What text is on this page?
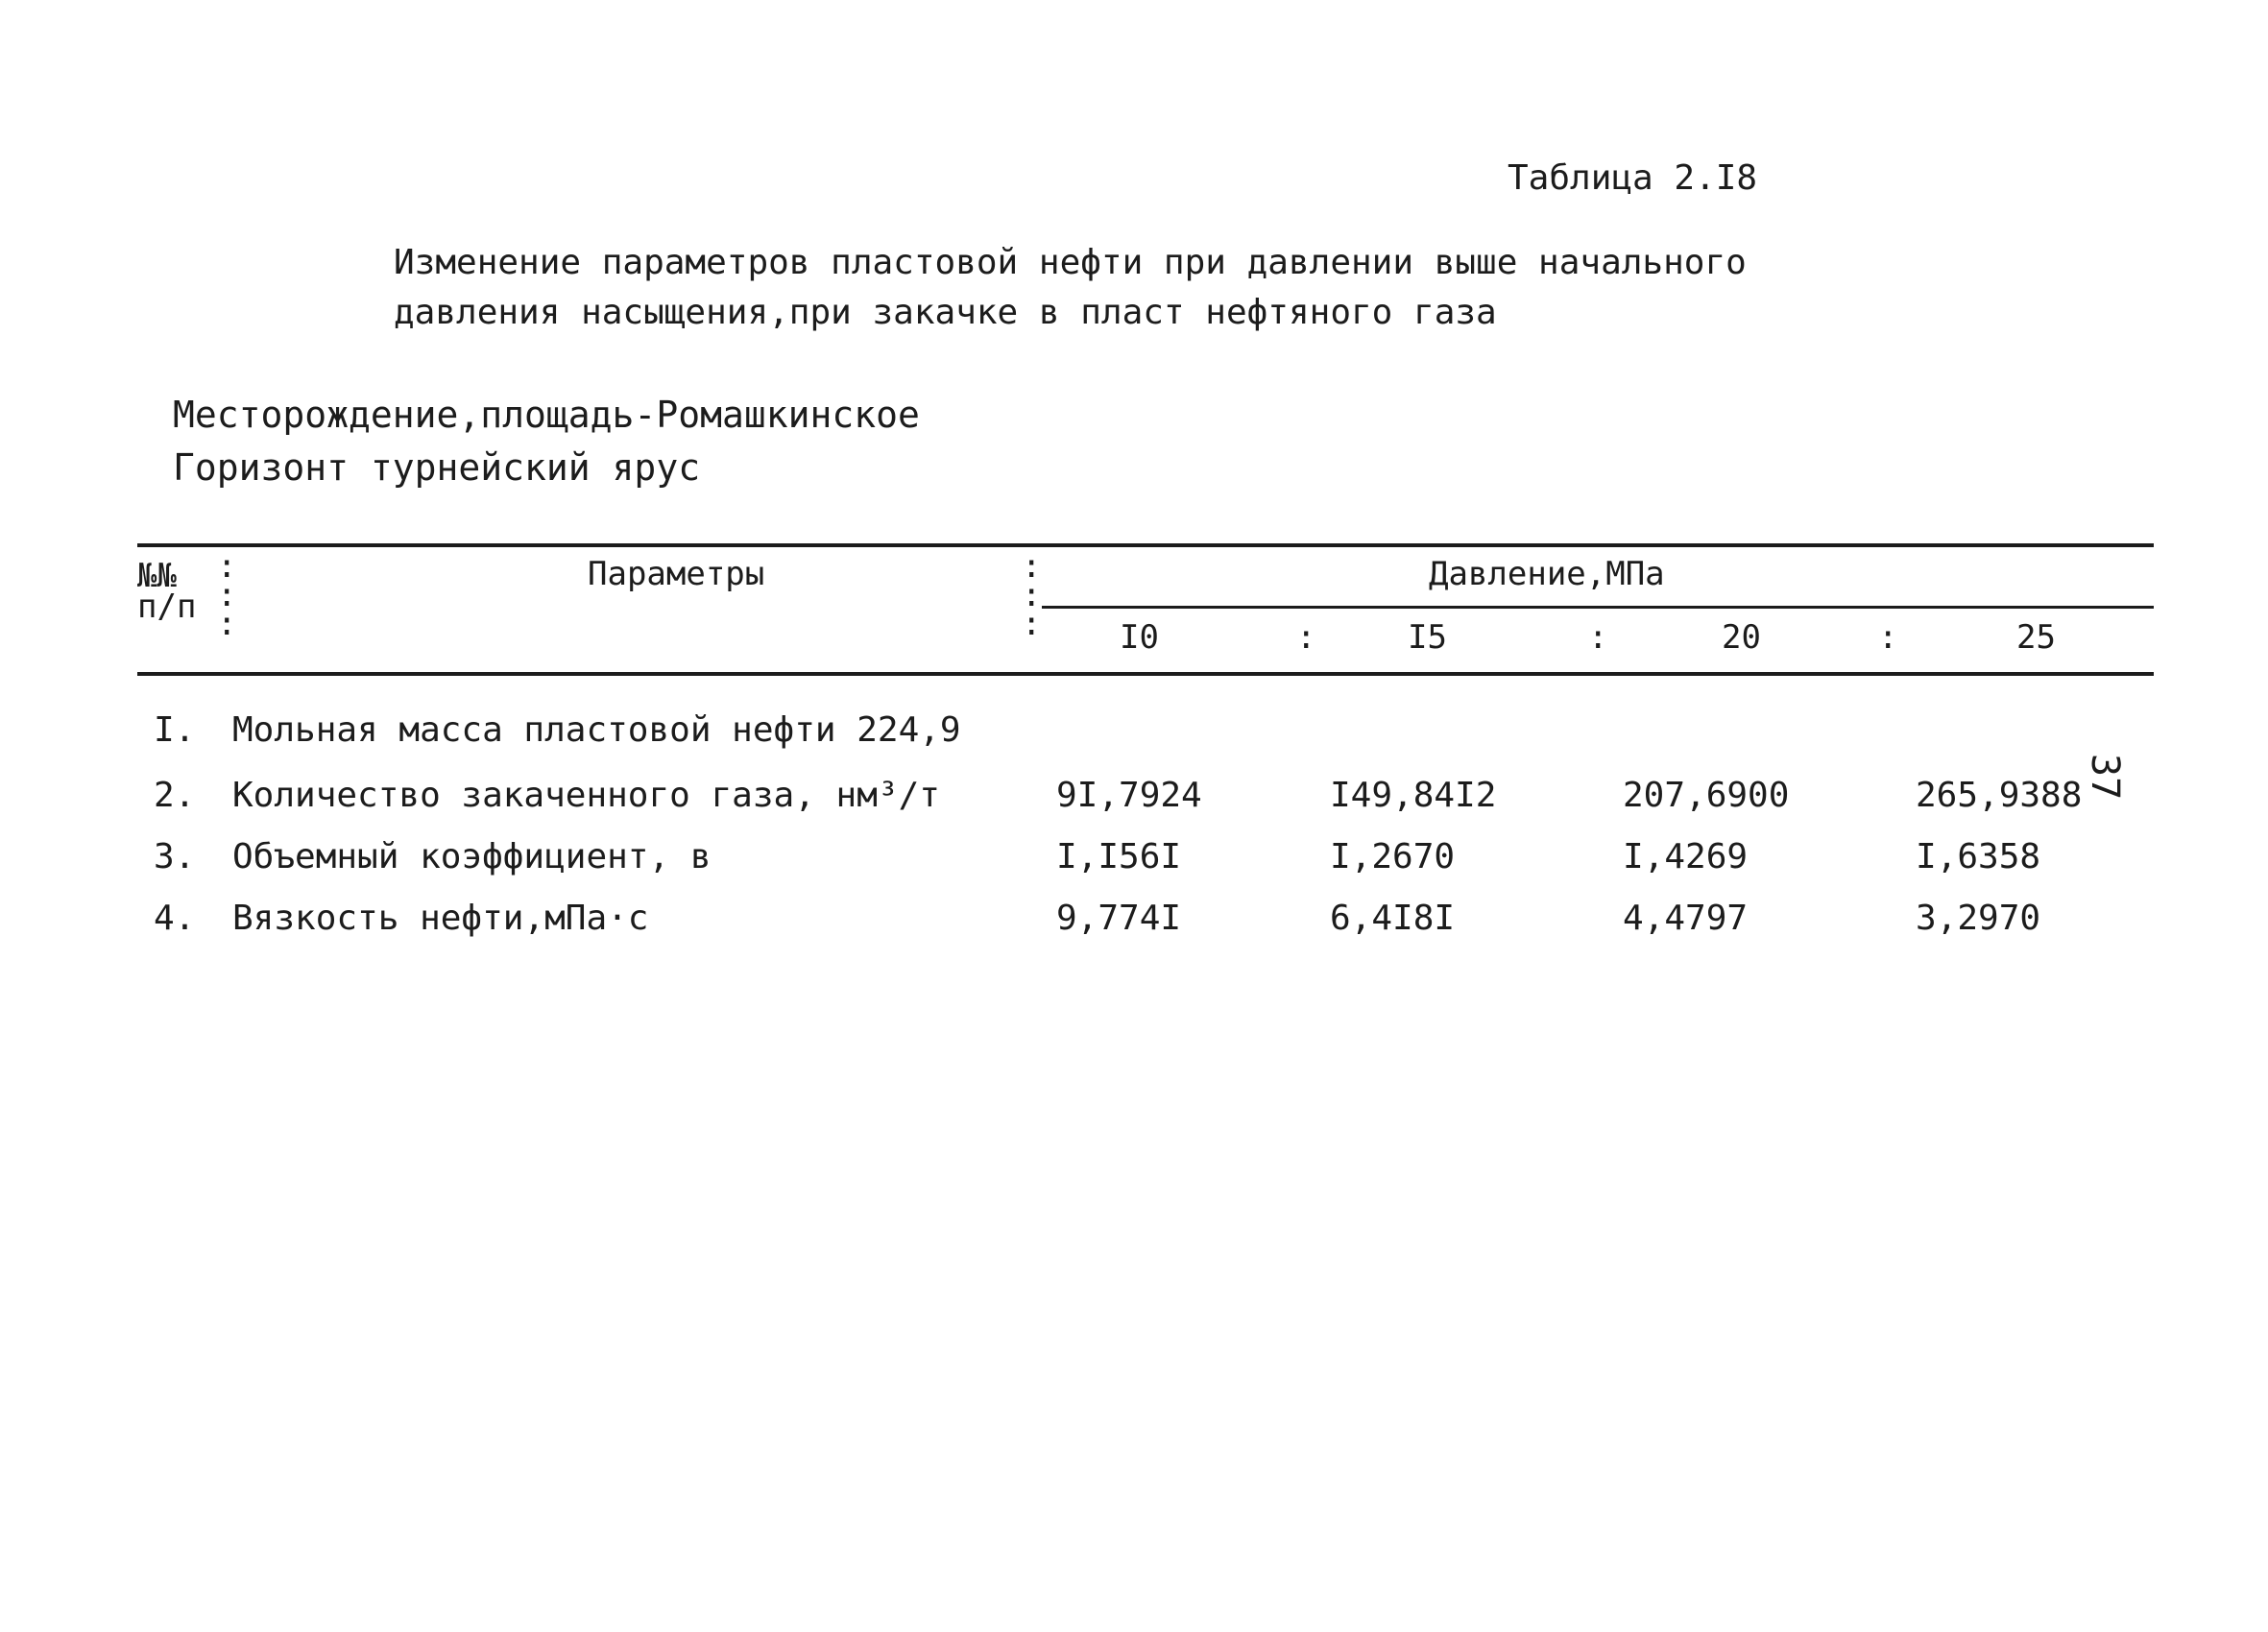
Таблица 2.I8
Изменение параметров пластовой нефти при давлении выше начального
давления насыщения,при закачке в пласт нефтяного газа
Месторождение,площадь-Ромашкинское
Горизонт турнейский ярус
№№
п/п
:
:
:
Параметры	:
:
:
Давление,МПа
I0	:	I5	:	20	:	25
I. Мольная масса пластовой нефти 224,9
2. Количество закаченного газа, нм³/т	9I,7924	I49,84I2	207,6900	265,9388
3. Объемный коэффициент, в	I,I56I	I,2670	I,4269	I,6358
4. Вязкость нефти,мПа·с	9,774I	6,4I8I	4,4797	3,2970
37
